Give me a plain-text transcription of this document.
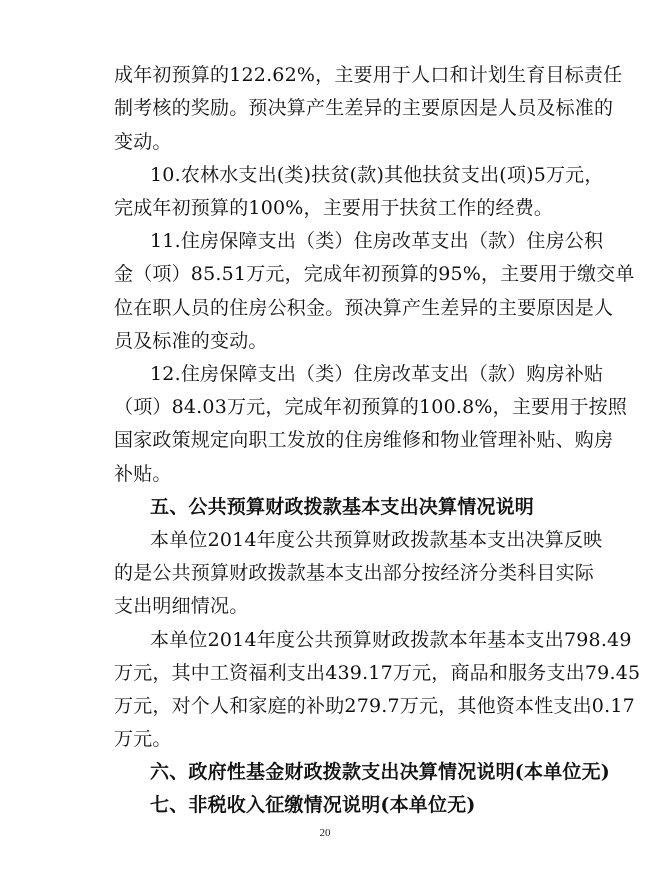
20
成年初预算的122.62%，主要用于人口和计划生育目标责任
制考核的奖励。预决算产生差异的主要原因是人员及标准的
变动。
10.农林水支出(类)扶贫(款)其他扶贫支出(项)5万元，
完成年初预算的100%，主要用于扶贫工作的经费。
11.住房保障支出（类）住房改革支出（款）住房公积
金（项）85.51万元，完成年初预算的95%，主要用于缴交单
位在职人员的住房公积金。预决算产生差异的主要原因是人
员及标准的变动。
12.住房保障支出（类）住房改革支出（款）购房补贴
（项）84.03万元，完成年初预算的100.8%，主要用于按照
国家政策规定向职工发放的住房维修和物业管理补贴、购房
补贴。
五、公共预算财政拨款基本支出决算情况说明
本单位2014年度公共预算财政拨款基本支出决算反映
的是公共预算财政拨款基本支出部分按经济分类科目实际
支出明细情况。
本单位2014年度公共预算财政拨款本年基本支出798.49
万元，其中工资福利支出439.17万元，商品和服务支出79.45
万元，对个人和家庭的补助279.7万元，其他资本性支出0.17
万元。
六、政府性基金财政拨款支出决算情况说明(本单位无)
七、非税收入征缴情况说明(本单位无)
